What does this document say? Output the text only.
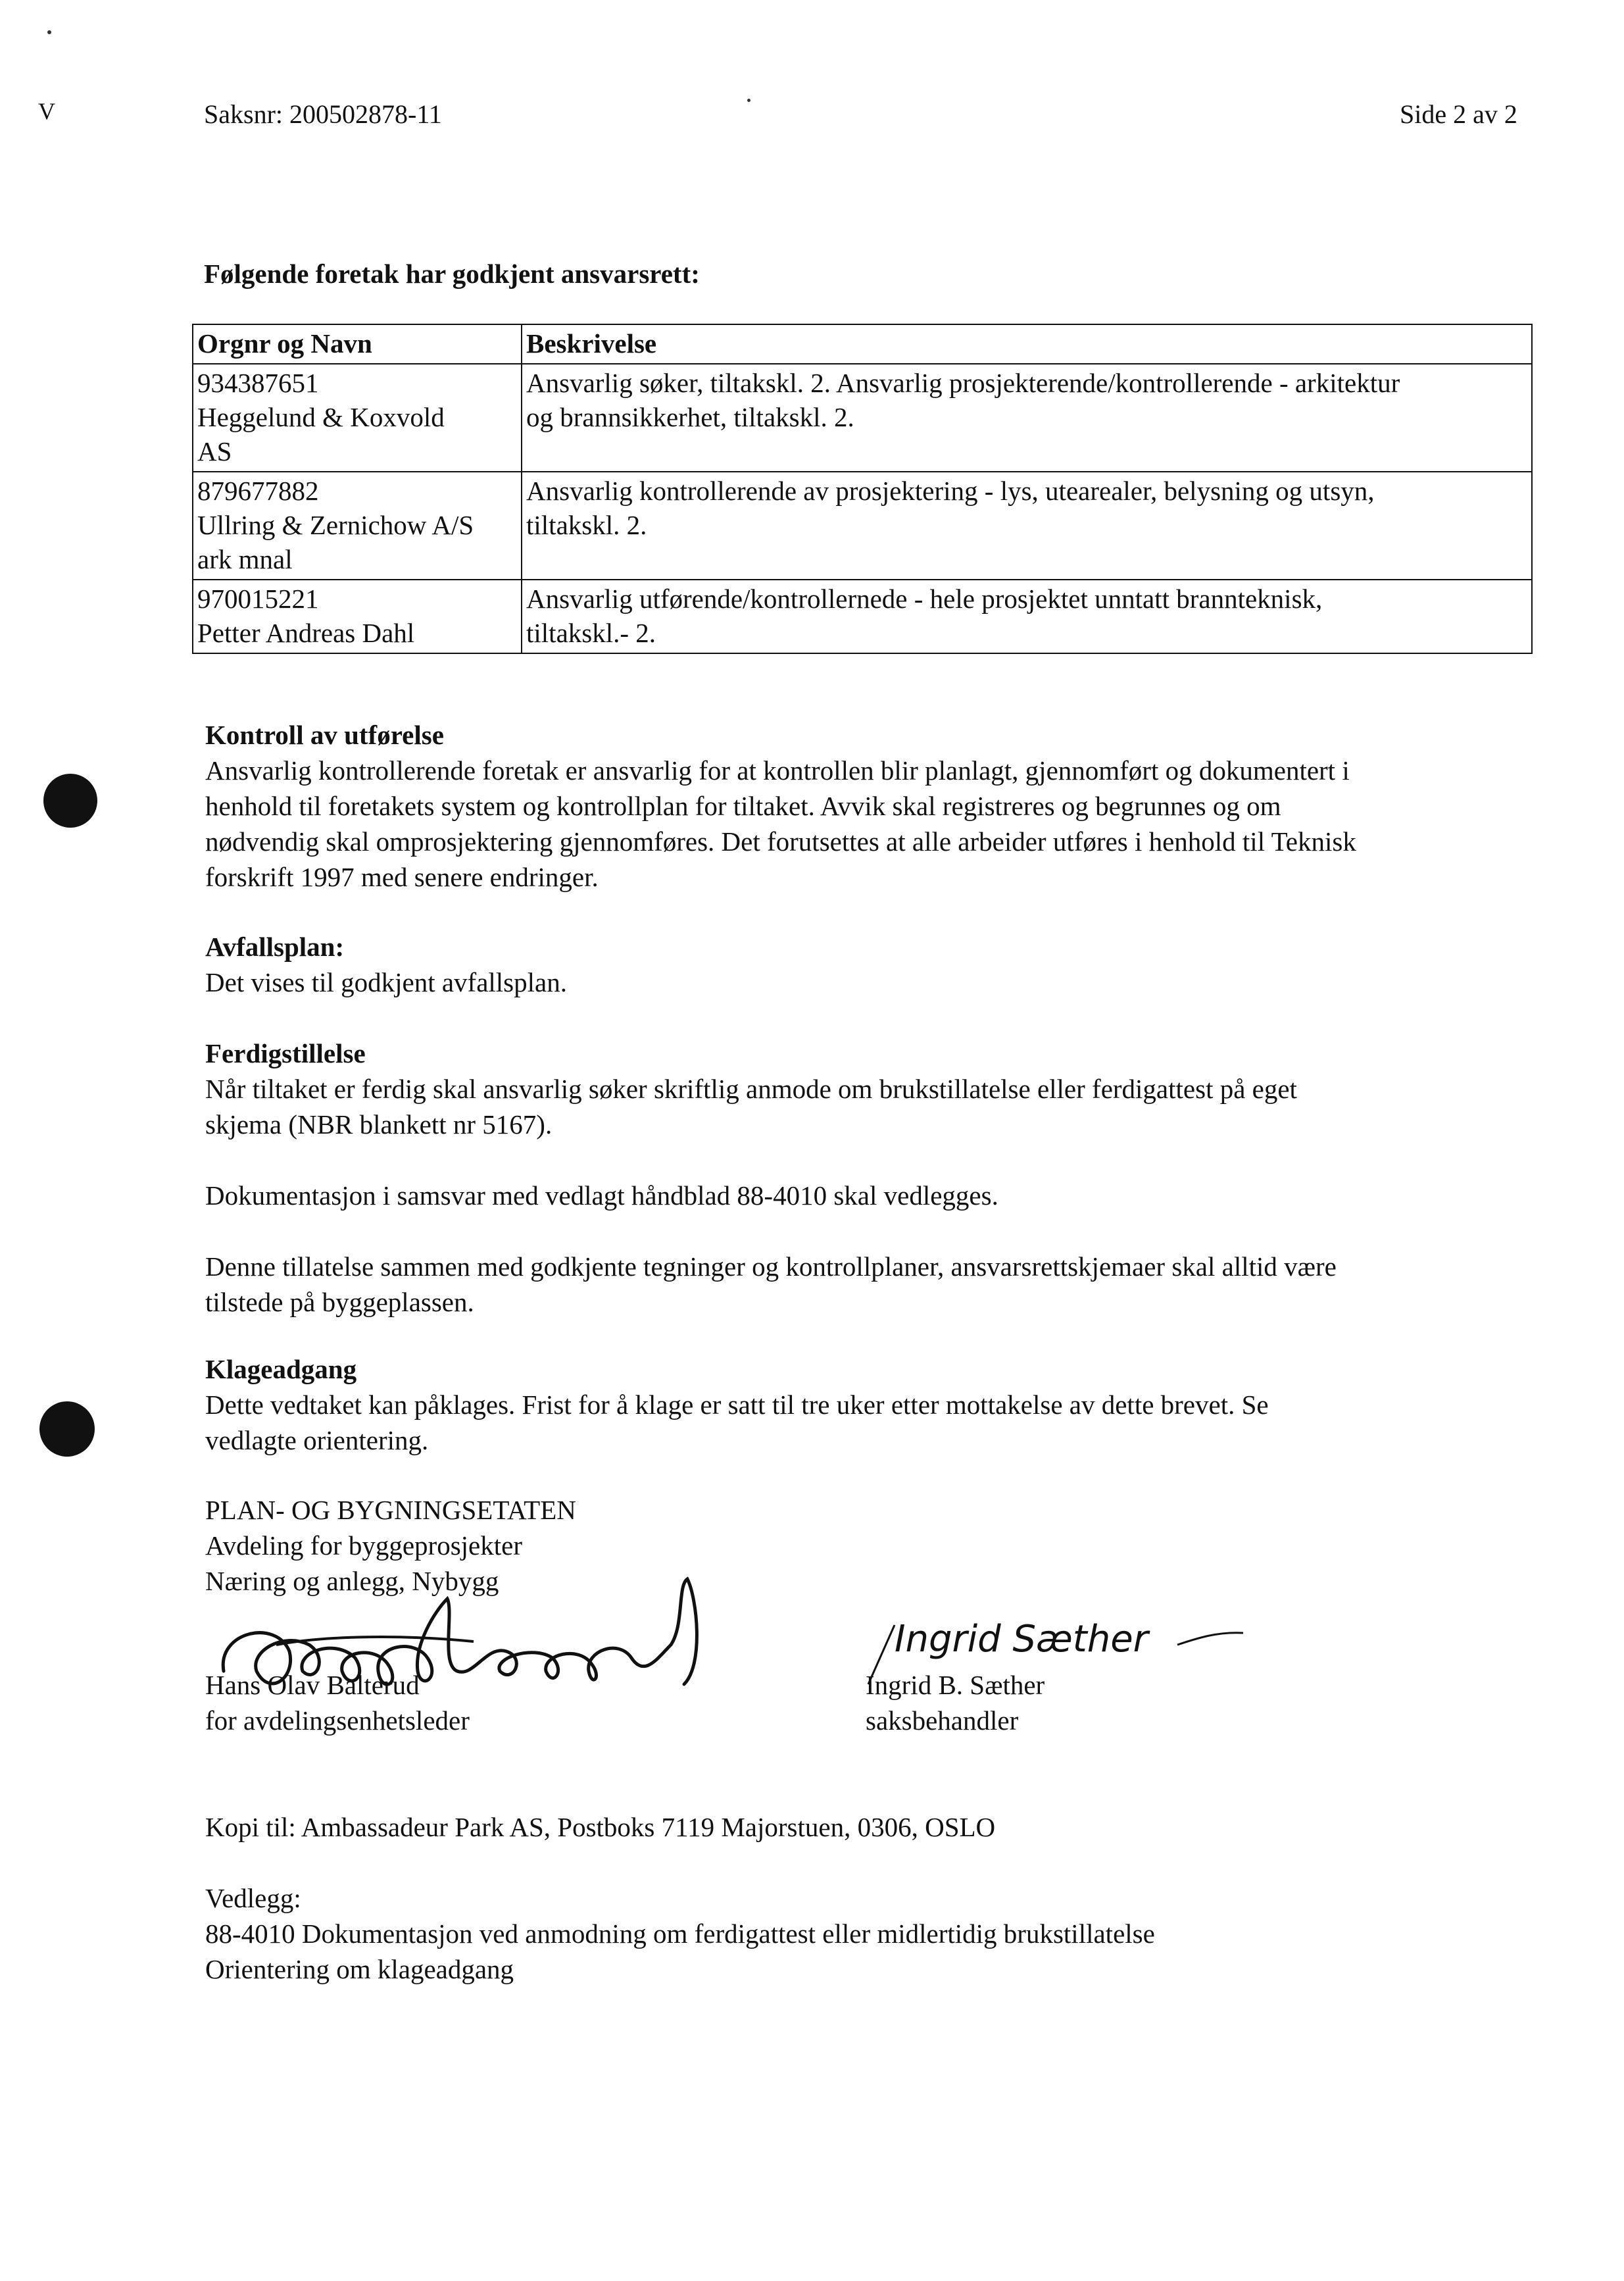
V	Saksnr: 200502878-11	Side 2 av 2
Følgende foretak har godkjent ansvarsrett:
Orgnr og Navn	Beskrivelse

934387651
Heggelund & Koxvold
AS	Ansvarlig søker, tiltakskl. 2. Ansvarlig prosjekterende/kontrollerende - arkitektur
og brannsikkerhet, tiltakskl. 2.

879677882
Ullring & Zernichow A/S
ark mnal	Ansvarlig kontrollerende av prosjektering - lys, utearealer, belysning og utsyn,
tiltakskl. 2.

970015221
Petter Andreas Dahl	Ansvarlig utførende/kontrollernede - hele prosjektet unntatt brannteknisk,
tiltakskl.- 2.
Kontroll av utførelse
Ansvarlig kontrollerende foretak er ansvarlig for at kontrollen blir planlagt, gjennomført og dokumentert i
henhold til foretakets system og kontrollplan for tiltaket. Avvik skal registreres og begrunnes og om
nødvendig skal omprosjektering gjennomføres. Det forutsettes at alle arbeider utføres i henhold til Teknisk
forskrift 1997 med senere endringer.
Avfallsplan:
Det vises til godkjent avfallsplan.
Ferdigstillelse
Når tiltaket er ferdig skal ansvarlig søker skriftlig anmode om brukstillatelse eller ferdigattest på eget
skjema (NBR blankett nr 5167).
Dokumentasjon i samsvar med vedlagt håndblad 88-4010 skal vedlegges.
Denne tillatelse sammen med godkjente tegninger og kontrollplaner, ansvarsrettskjemaer skal alltid være
tilstede på byggeplassen.
Klageadgang
Dette vedtaket kan påklages. Frist for å klage er satt til tre uker etter mottakelse av dette brevet. Se
vedlagte orientering.
PLAN- OG BYGNINGSETATEN
Avdeling for byggeprosjekter
Næring og anlegg, Nybygg
Hans Olav Balterud
for avdelingsenhetsleder
Ingrid Sæther
Ingrid B. Sæther
saksbehandler
Kopi til: Ambassadeur Park AS, Postboks 7119 Majorstuen, 0306, OSLO
Vedlegg:
88-4010 Dokumentasjon ved anmodning om ferdigattest eller midlertidig brukstillatelse
Orientering om klageadgang
